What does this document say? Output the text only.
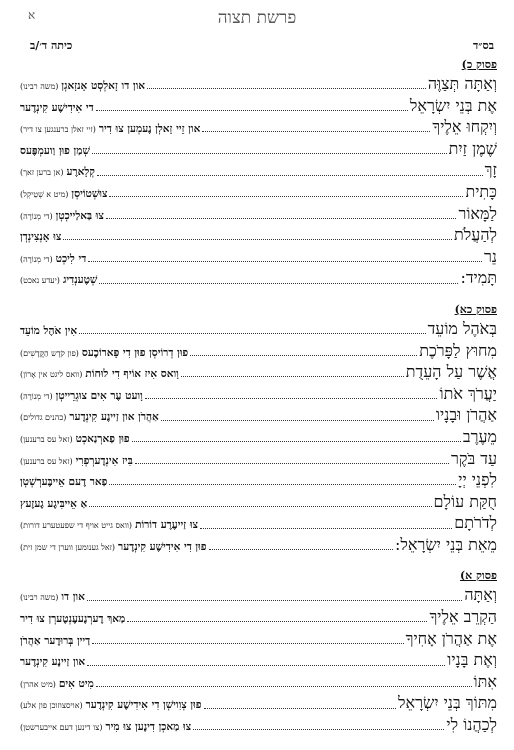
א	פרשת תצוה
בס״ד
כיתה ד׳/ב
פסוק כ)
וְאַתָּה תְּצַוֶּה
און דו זָאלְסְט אָנזָאגְן(משה רבינו)
אֶת בְּנֵי יִשְׂרָאֵל
די אִידִישֶׁע קִינְדֶער
וְיִקְחוּ אֵלֶיךָ
און זֵיי זָאלְן נֶעמְען צוּ דִיר(זיי זאלן ברענגען צו דיר)
שֶׁמֶן זַיִת
שְׁמַן פוּן וַועמְפֶּעס
זָךְ
קְלָארֶע(אן ברען זאך)
כָּתִית
צוּשְׁטוֹיסְן(מיט א שְׁטֵיקְל)
לַמָּאוֹר
צוּ בַּאלַייכְטְן(די מְנוֹרָה)
לְהַעֲלֹת
צוּ אָנְצִינְדְן
נֵר
די לִיכְט(די מְנוֹרָה)
תָּמִיד:
שְׁטֶענְדִיג(יעדע נאכט)
פסוק כא)
בְּאֹהֶל מוֹעֵד
אִין אֹהֶל מוֹעֵד
מִחוּץ לַפָּרֹכֶת
פוּן דְרוֹיסְן פוּן דִי פָּארוֹכֶעס(פון קֹדֶש הַקֳּדָשִׁים)
אֲשֶׁר עַל הָעֵדֻת
וָואס אִיז אוֹיף דִי לוּחוֹת(וואס ליגט אין אָרוֹן)
יַעֲרֹךְ אֹתוֹ
וָועט עֶר אִים צוּגְרֵייטְן(די מְנוֹרָה)
אַהֲרֹן וּבָנָיו
אַהֲרֹן און זַיינֶע קִינְדֶער(כהנים גדולים)
מֵעֶרֶב
פוּן פַארְנַאכְט(זאל עס ברענען)
עַד בֹּקֶר
בִּיז אִינְדֶערְפְרִי(זאל עס ברענען)
לִפְנֵי יְיָ
פַאר דֶעם אֵייבֶּערְשְׁטְן
חֻקַּת עוֹלָם
אַ אֵייבִּיגֶע גֶעזֶעץ
לְדֹרֹתָם
צוּ זַייעֶרֶע דוֹרוֹת(וואס גייט אויף די שפעטערע דורות)
מֵאֵת בְּנֵי יִשְׂרָאֵל:
פוּן דִי אִידִישֶׁע קִינְדֶער(זאל גענומען ווערן די שמן זית)
פסוק א)
וְאַתָּה
און דו(משה רבינו)
הַקְרֵב אֵלֶיךָ
מַאךְ דֶערְנֶעעֶנְטֶערְן צוּ דִיר
אֶת אַהֲרֹן אָחִיךָ
דַיין בְּרוּדֶער אַהֲרֹן
וְאֶת בָּנָיו
און זַיינֶע קִינְדֶער
אִתּוֹ
מִיט אִים(מיט אהרן)
מִתּוֹךְ בְּנֵי יִשְׂרָאֵל
פוּן צְוִוישְׁן דִי אִידִישֶׁע קִינְדֶער(אויסצוזוכן פון אלע)
לְכַהֲנוֹ לִי
צוּ מַאכְן דִינֶען צוּ מִיר(צו דינען דעם אייבערשטן)
